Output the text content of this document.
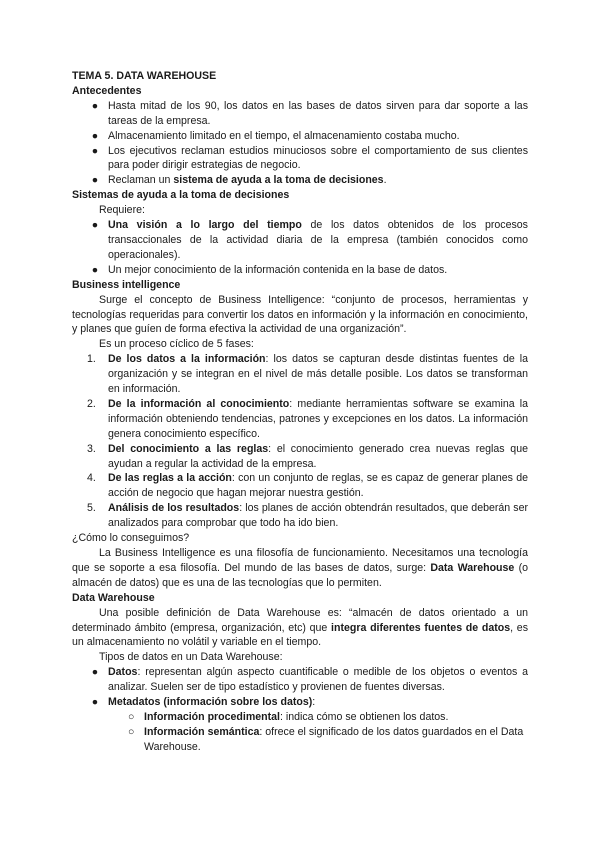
TEMA 5. DATA WAREHOUSE

Antecedentes

● Hasta mitad de los 90, los datos en las bases de datos sirven para dar soporte a las tareas de la empresa.
● Almacenamiento limitado en el tiempo, el almacenamiento costaba mucho.
● Los ejecutivos reclaman estudios minuciosos sobre el comportamiento de sus clientes para poder dirigir estrategias de negocio.
● Reclaman un sistema de ayuda a la toma de decisiones.

Sistemas de ayuda a la toma de decisiones

Requiere:

● Una visión a lo largo del tiempo de los datos obtenidos de los procesos transaccionales de la actividad diaria de la empresa (también conocidos como operacionales).
● Un mejor conocimiento de la información contenida en la base de datos.

Business intelligence

Surge el concepto de Business Intelligence: “conjunto de procesos, herramientas y tecnologías requeridas para convertir los datos en información y la información en conocimiento, y planes que guíen de forma efectiva la actividad de una organización”.

Es un proceso cíclico de 5 fases:

1. De los datos a la información: los datos se capturan desde distintas fuentes de la organización y se integran en el nivel de más detalle posible. Los datos se transforman en información.
2. De la información al conocimiento: mediante herramientas software se examina la información obteniendo tendencias, patrones y excepciones en los datos. La información genera conocimiento específico.
3. Del conocimiento a las reglas: el conocimiento generado crea nuevas reglas que ayudan a regular la actividad de la empresa.
4. De las reglas a la acción: con un conjunto de reglas, se es capaz de generar planes de acción de negocio que hagan mejorar nuestra gestión.
5. Análisis de los resultados: los planes de acción obtendrán resultados, que deberán ser analizados para comprobar que todo ha ido bien.

¿Cómo lo conseguimos?

La Business Intelligence es una filosofía de funcionamiento. Necesitamos una tecnología que se soporte a esa filosofía. Del mundo de las bases de datos, surge: Data Warehouse (o almacén de datos) que es una de las tecnologías que lo permiten.

Data Warehouse

Una posible definición de Data Warehouse es: “almacén de datos orientado a un determinado ámbito (empresa, organización, etc) que integra diferentes fuentes de datos, es un almacenamiento no volátil y variable en el tiempo.

Tipos de datos en un Data Warehouse:

● Datos: representan algún aspecto cuantificable o medible de los objetos o eventos a analizar. Suelen ser de tipo estadístico y provienen de fuentes diversas.
● Metadatos (información sobre los datos):
○ Información procedimental: indica cómo se obtienen los datos.
○ Información semántica: ofrece el significado de los datos guardados en el Data Warehouse.
